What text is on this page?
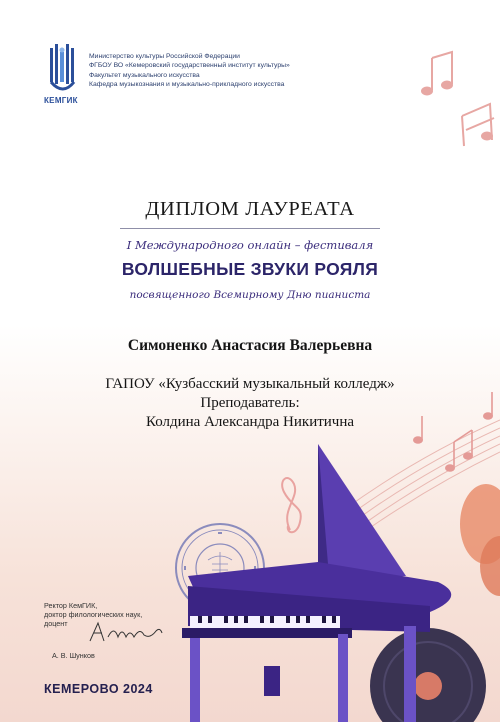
КЕМГИК
Министерство культуры Российской Федерации
ФГБОУ ВО «Кемеровский государственный институт культуры»
Факультет музыкального искусства
Кафедра музыкознания и музыкально-прикладного искусства
ДИПЛОМ ЛАУРЕАТА
I Международного онлайн – фестиваля
ВОЛШЕБНЫЕ ЗВУКИ РОЯЛЯ
посвященного Всемирному Дню пианиста
Симоненко Анастасия Валерьевна
ГАПОУ «Кузбасский музыкальный колледж»
Преподаватель:
Колдина Александра Никитична
Ректор КемГИК,
доктор филологических наук,
доцент
А. В. Шунков
КЕМЕРОВО 2024
